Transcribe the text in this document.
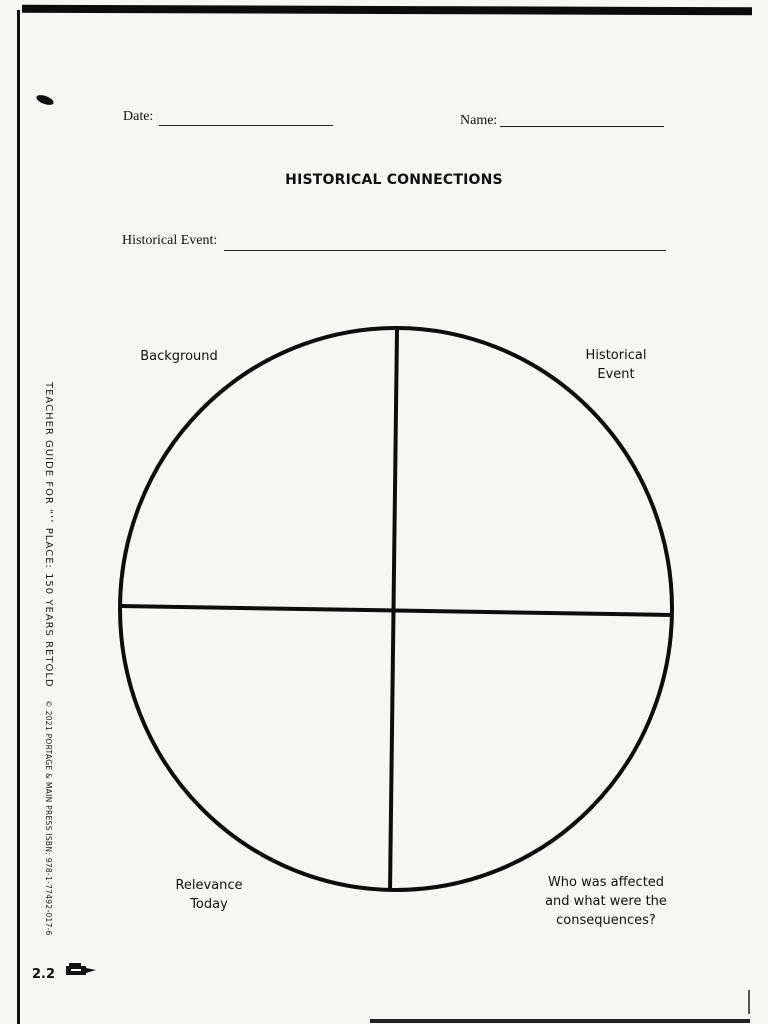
Date:	Name:
HISTORICAL CONNECTIONS
Historical Event:
Background	Historical
Event
Relevance
Today
Who was affected
and what were the
consequences?
TEACHER GUIDE FOR “ʻʼ PLACE: 150 YEARS RETOLD   © 2021 PORTAGE & MAIN PRESS ISBN: 978-1-77492-017-6
2.2
